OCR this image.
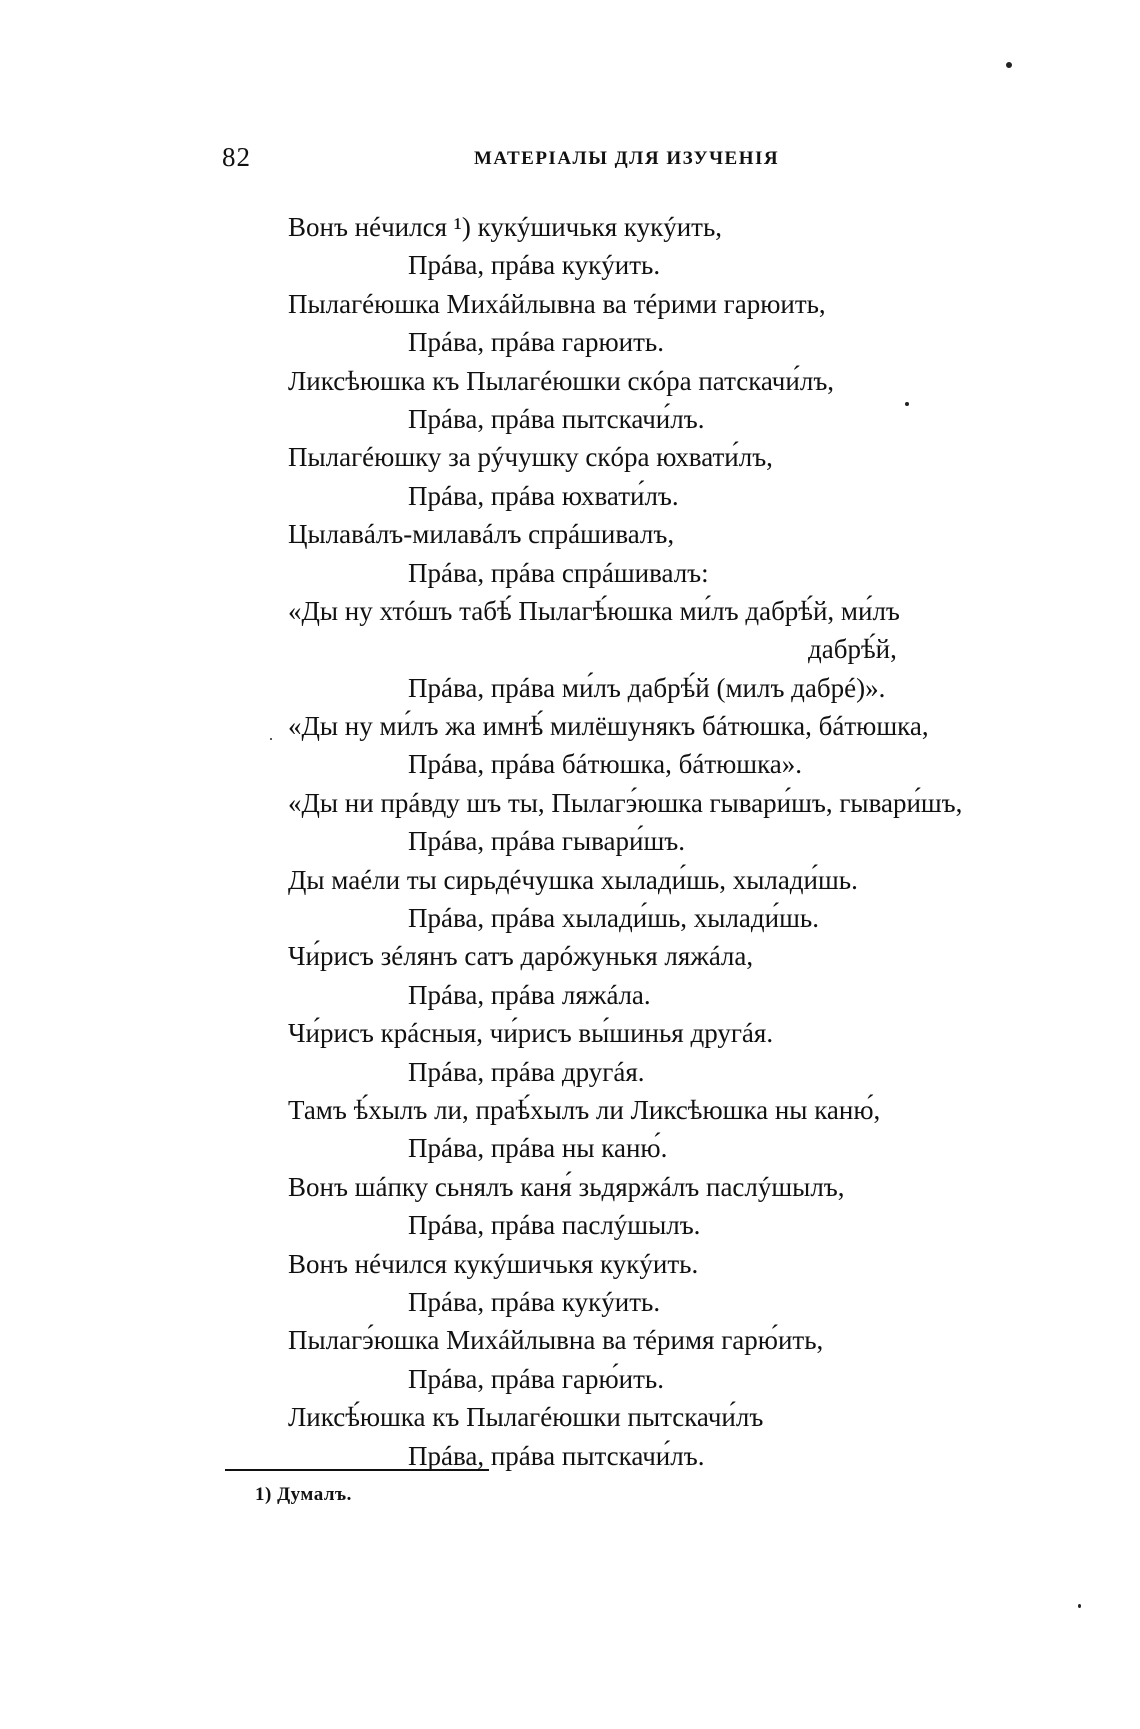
82	МАТЕРІАЛЫ ДЛЯ ИЗУЧЕНІЯ
Вонъ нéчился ¹) кукýшичькя кукýить,
Прáва, прáва кукýить.
Пылагéюшка Михáйлывна ва тéрими гарюить,
Прáва, прáва гарюить.
Ликсѣюшка къ Пылагéюшки скóра патскачи́лъ,
Прáва, прáва пытскачи́лъ.
Пылагéюшку за рýчушку скóра юхвати́лъ,
Прáва, прáва юхвати́лъ.
Цылавáлъ-милавáлъ спрáшивалъ,
Прáва, прáва спрáшивалъ:
«Ды ну хтóшъ табѣ́ Пылагѣ́юшка ми́лъ дабрѣ́й, ми́лъ
дабрѣ́й,
Прáва, прáва ми́лъ дабрѣ́й (милъ дабрé)».
«Ды ну ми́лъ жа имнѣ́ милёшунякъ бáтюшка, бáтюшка,
Прáва, прáва бáтюшка, бáтюшка».
«Ды ни прáвду шъ ты, Пылагэ́юшка гывари́шъ, гывари́шъ,
Прáва, прáва гывари́шъ.
Ды маéли ты сирьдéчушка хылади́шь, хылади́шь.
Прáва, прáва хылади́шь, хылади́шь.
Чи́рисъ зéлянъ сатъ дарóжунькя ляжáла,
Прáва, прáва ляжáла.
Чи́рисъ крáсныя, чи́рисъ вы́шинья другáя.
Прáва, прáва другáя.
Тамъ ѣ́хылъ ли, праѣ́хылъ ли Ликсѣюшка ны каню́,
Прáва, прáва ны каню́.
Вонъ шáпку сьнялъ каня́ зьдяржáлъ паслýшылъ,
Прáва, прáва паслýшылъ.
Вонъ нéчился кукýшичькя кукýить.
Прáва, прáва кукýить.
Пылагэ́юшка Михáйлывна ва тéримя гарю́ить,
Прáва, прáва гарю́ить.
Ликсѣ́юшка къ Пылагéюшки пытскачи́лъ
Прáва, прáва пытскачи́лъ.
1) Думалъ.
